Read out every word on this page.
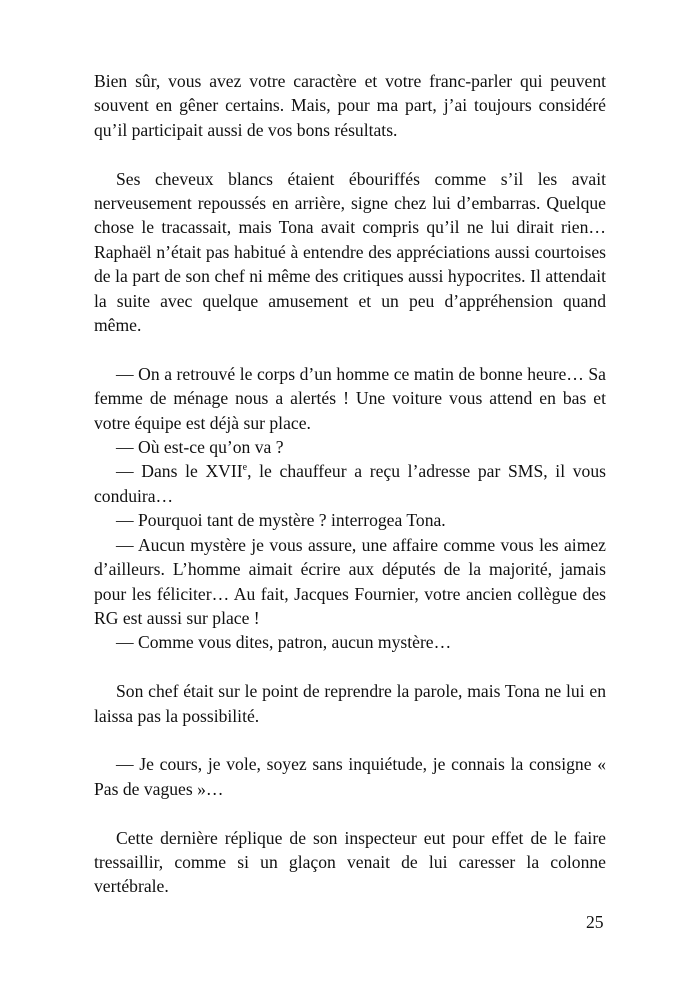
Bien sûr, vous avez votre caractère et votre franc-parler qui peuvent souvent en gêner certains. Mais, pour ma part, j’ai toujours considéré qu’il participait aussi de vos bons résultats.

Ses cheveux blancs étaient ébouriffés comme s’il les avait nerveusement repoussés en arrière, signe chez lui d’embarras. Quelque chose le tracassait, mais Tona avait compris qu’il ne lui dirait rien… Raphaël n’était pas habitué à entendre des appréciations aussi courtoises de la part de son chef ni même des critiques aussi hypocrites. Il attendait la suite avec quelque amusement et un peu d’appréhension quand même.

— On a retrouvé le corps d’un homme ce matin de bonne heure… Sa femme de ménage nous a alertés ! Une voiture vous attend en bas et votre équipe est déjà sur place.

— Où est-ce qu’on va ?

— Dans le XVIIe, le chauffeur a reçu l’adresse par SMS, il vous conduira…

— Pourquoi tant de mystère ? interrogea Tona.

— Aucun mystère je vous assure, une affaire comme vous les aimez d’ailleurs. L’homme aimait écrire aux députés de la majorité, jamais pour les féliciter… Au fait, Jacques Fournier, votre ancien collègue des RG est aussi sur place !

— Comme vous dites, patron, aucun mystère…

Son chef était sur le point de reprendre la parole, mais Tona ne lui en laissa pas la possibilité.

— Je cours, je vole, soyez sans inquiétude, je connais la consigne « Pas de vagues »…

Cette dernière réplique de son inspecteur eut pour effet de le faire tressaillir, comme si un glaçon venait de lui caresser la colonne vertébrale.

25
